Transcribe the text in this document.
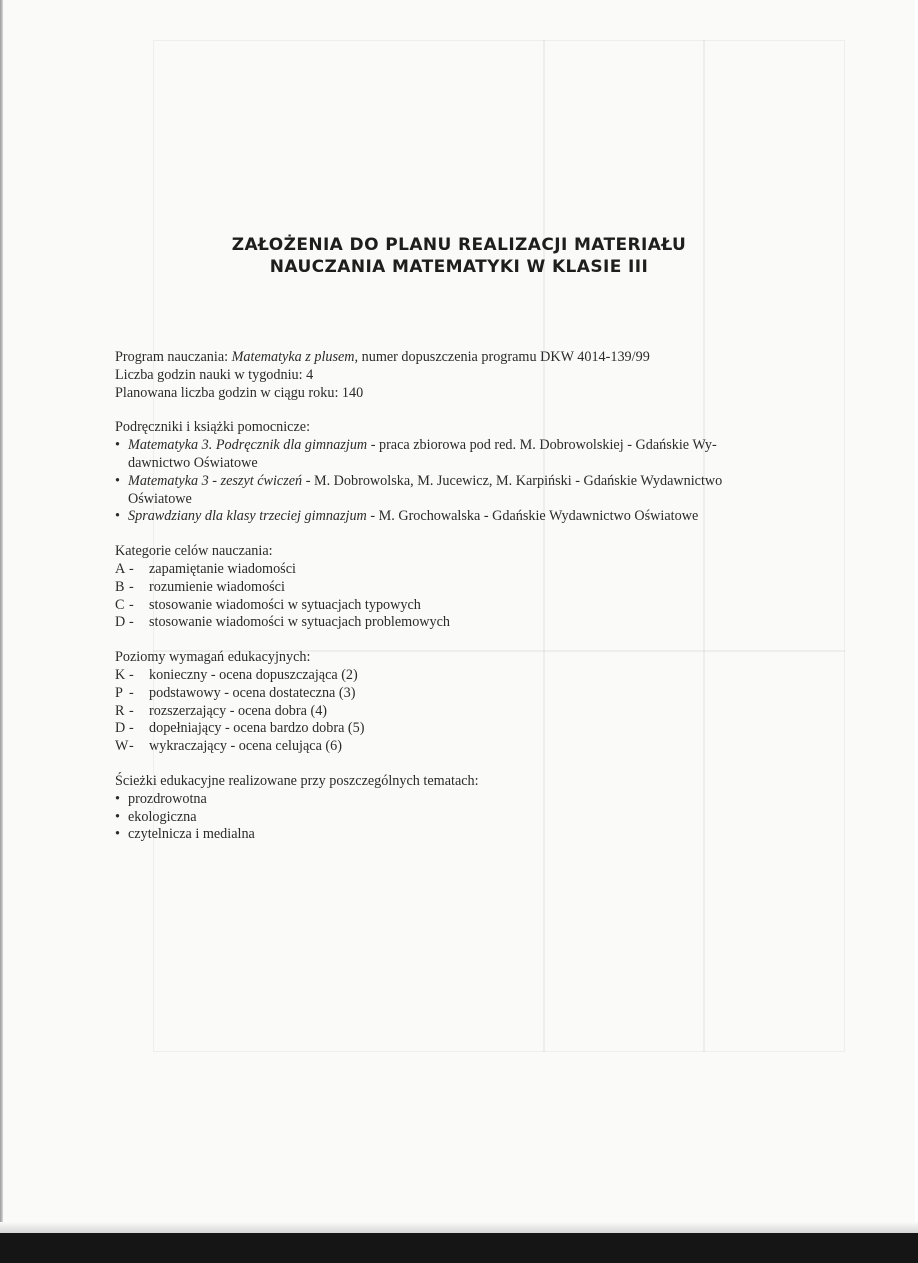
ZAŁOŻENIA DO PLANU REALIZACJI MATERIAŁU
NAUCZANIA MATEMATYKI W KLASIE III

Program nauczania: Matematyka z plusem, numer dopuszczenia programu DKW 4014-139/99

Liczba godzin nauki w tygodniu: 4

Planowana liczba godzin w ciągu roku: 140

Podręczniki i książki pomocnicze:

• Matematyka 3. Podręcznik dla gimnazjum - praca zbiorowa pod red. M. Dobrowolskiej - Gdańskie Wy-
dawnictwo Oświatowe
• Matematyka 3 - zeszyt ćwiczeń - M. Dobrowolska, M. Jucewicz, M. Karpiński - Gdańskie Wydawnictwo
Oświatowe
• Sprawdziany dla klasy trzeciej gimnazjum - M. Grochowalska - Gdańskie Wydawnictwo Oświatowe

Kategorie celów nauczania:

A -	zapamiętanie wiadomości
B -	rozumienie wiadomości
C -	stosowanie wiadomości w sytuacjach typowych
D -	stosowanie wiadomości w sytuacjach problemowych

Poziomy wymagań edukacyjnych:

K -	konieczny - ocena dopuszczająca (2)
P -	podstawowy - ocena dostateczna (3)
R -	rozszerzający - ocena dobra (4)
D -	dopełniający - ocena bardzo dobra (5)
W -	wykraczający - ocena celująca (6)

Ścieżki edukacyjne realizowane przy poszczególnych tematach:

• prozdrowotna
• ekologiczna
• czytelnicza i medialna
